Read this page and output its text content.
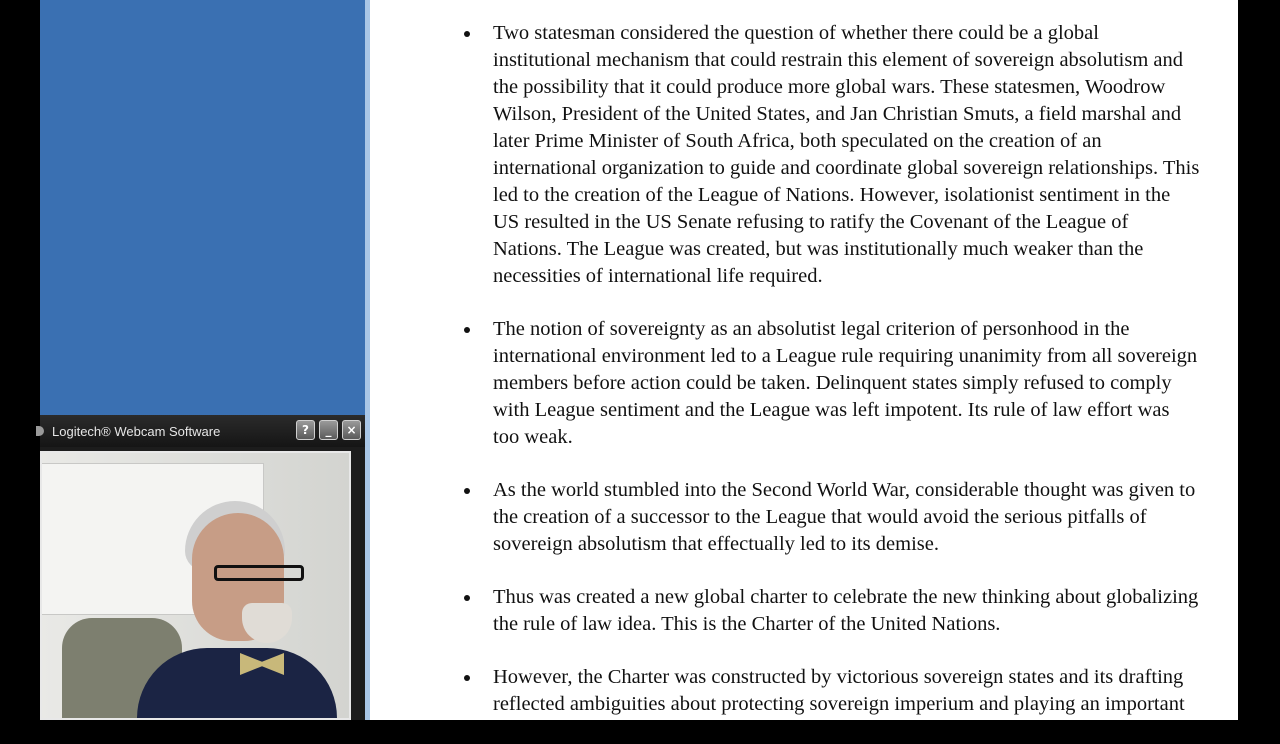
Logitech® Webcam Software	?	_	×
Two statesman considered the question of whether there could be a global
institutional mechanism that could restrain this element of sovereign absolutism and
the possibility that it could produce more global wars. These statesmen, Woodrow
Wilson, President of the United States, and Jan Christian Smuts, a field marshal and
later Prime Minister of South Africa, both speculated on the creation of an
international organization to guide and coordinate global sovereign relationships. This
led to the creation of the League of Nations. However, isolationist sentiment in the
US resulted in the US Senate refusing to ratify the Covenant of the League of
Nations. The League was created, but was institutionally much weaker than the
necessities of international life required.
The notion of sovereignty as an absolutist legal criterion of personhood in the
international environment led to a League rule requiring unanimity from all sovereign
members before action could be taken. Delinquent states simply refused to comply
with League sentiment and the League was left impotent. Its rule of law effort was
too weak.
As the world stumbled into the Second World War, considerable thought was given to
the creation of a successor to the League that would avoid the serious pitfalls of
sovereign absolutism that effectually led to its demise.
Thus was created a new global charter to celebrate the new thinking about globalizing
the rule of law idea. This is the Charter of the United Nations.
However, the Charter was constructed by victorious sovereign states and its drafting
reflected ambiguities about protecting sovereign imperium and playing an important
